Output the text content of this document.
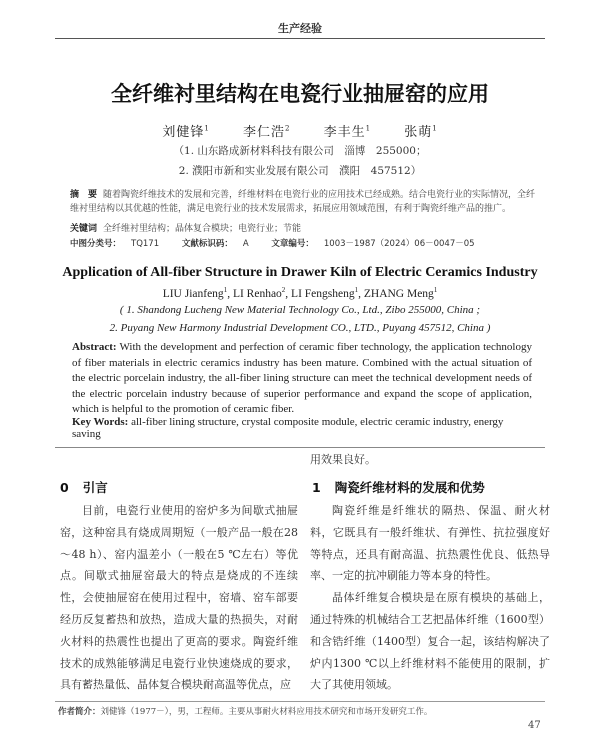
生产经验
全纤维衬里结构在电瓷行业抽屉窑的应用
刘健锋$^1$	李仁浩$^2$	李丰生$^1$	张萌$^1$
（1. 山东路成新材料科技有限公司　淄博　255000；
2. 濮阳市新和实业发展有限公司　濮阳　457512）
摘　要 随着陶瓷纤维技术的发展和完善，纤维材料在电瓷行业的应用技术已经成熟。结合电瓷行业的实际情况，全纤维衬里结构以其优越的性能，满足电瓷行业的技术发展需求，拓展应用领域范围，有利于陶瓷纤维产品的推广。
关键词 全纤维衬里结构；晶体复合模块；电瓷行业；节能
中图分类号： TQ171	文献标识码： A	文章编号： 1003－1987（2024）06－0047－05
Application of All-fiber Structure in Drawer Kiln of Electric Ceramics Industry
LIU Jianfeng$^1$, LI Renhao$^2$, LI Fengsheng$^1$, ZHANG Meng$^1$
( 1. Shandong Lucheng New Material Technology Co., Ltd., Zibo 255000, China ;
2. Puyang New Harmony Industrial Development CO., LTD., Puyang 457512, China )
Abstract: With the development and perfection of ceramic fiber technology, the application technology of fiber materials in electric ceramics industry has been mature. Combined with the actual situation of the electric porcelain industry, the all-fiber lining structure can meet the technical development needs of the electric porcelain industry because of superior performance and expand the scope of application, which is helpful to the promotion of ceramic fiber.
Key Words: all-fiber lining structure, crystal composite module, electric ceramic industry, energy saving
用效果良好。
0 引言	1 陶瓷纤维材料的发展和优势

目前，电瓷行业使用的窑炉多为间歇式抽屉窑，这种窑具有烧成周期短（一般产品一般在28～48 h）、窑内温差小（一般在5 ℃左右）等优点。间歇式抽屉窑最大的特点是烧成的不连续性，会使抽屉窑在使用过程中，窑墙、窑车部要经历反复蓄热和放热，造成大量的热损失，对耐火材料的热震性也提出了更高的要求。陶瓷纤维技术的成熟能够满足电瓷行业快速烧成的要求，具有蓄热量低、晶体复合模块耐高温等优点，应

陶瓷纤维是纤维状的隔热、保温、耐火材料，它既具有一般纤维状、有弹性、抗拉强度好等特点，还具有耐高温、抗热震性优良、低热导率、一定的抗冲刷能力等本身的特性。

晶体纤维复合模块是在原有模块的基础上，通过特殊的机械结合工艺把晶体纤维（1600型）和含锆纤维（1400型）复合一起，该结构解决了炉内1300 ℃以上纤维材料不能使用的限制，扩大了其使用领域。

作者简介：刘健锋（1977－），男，工程师。主要从事耐火材料应用技术研究和市场开发研究工作。
47
